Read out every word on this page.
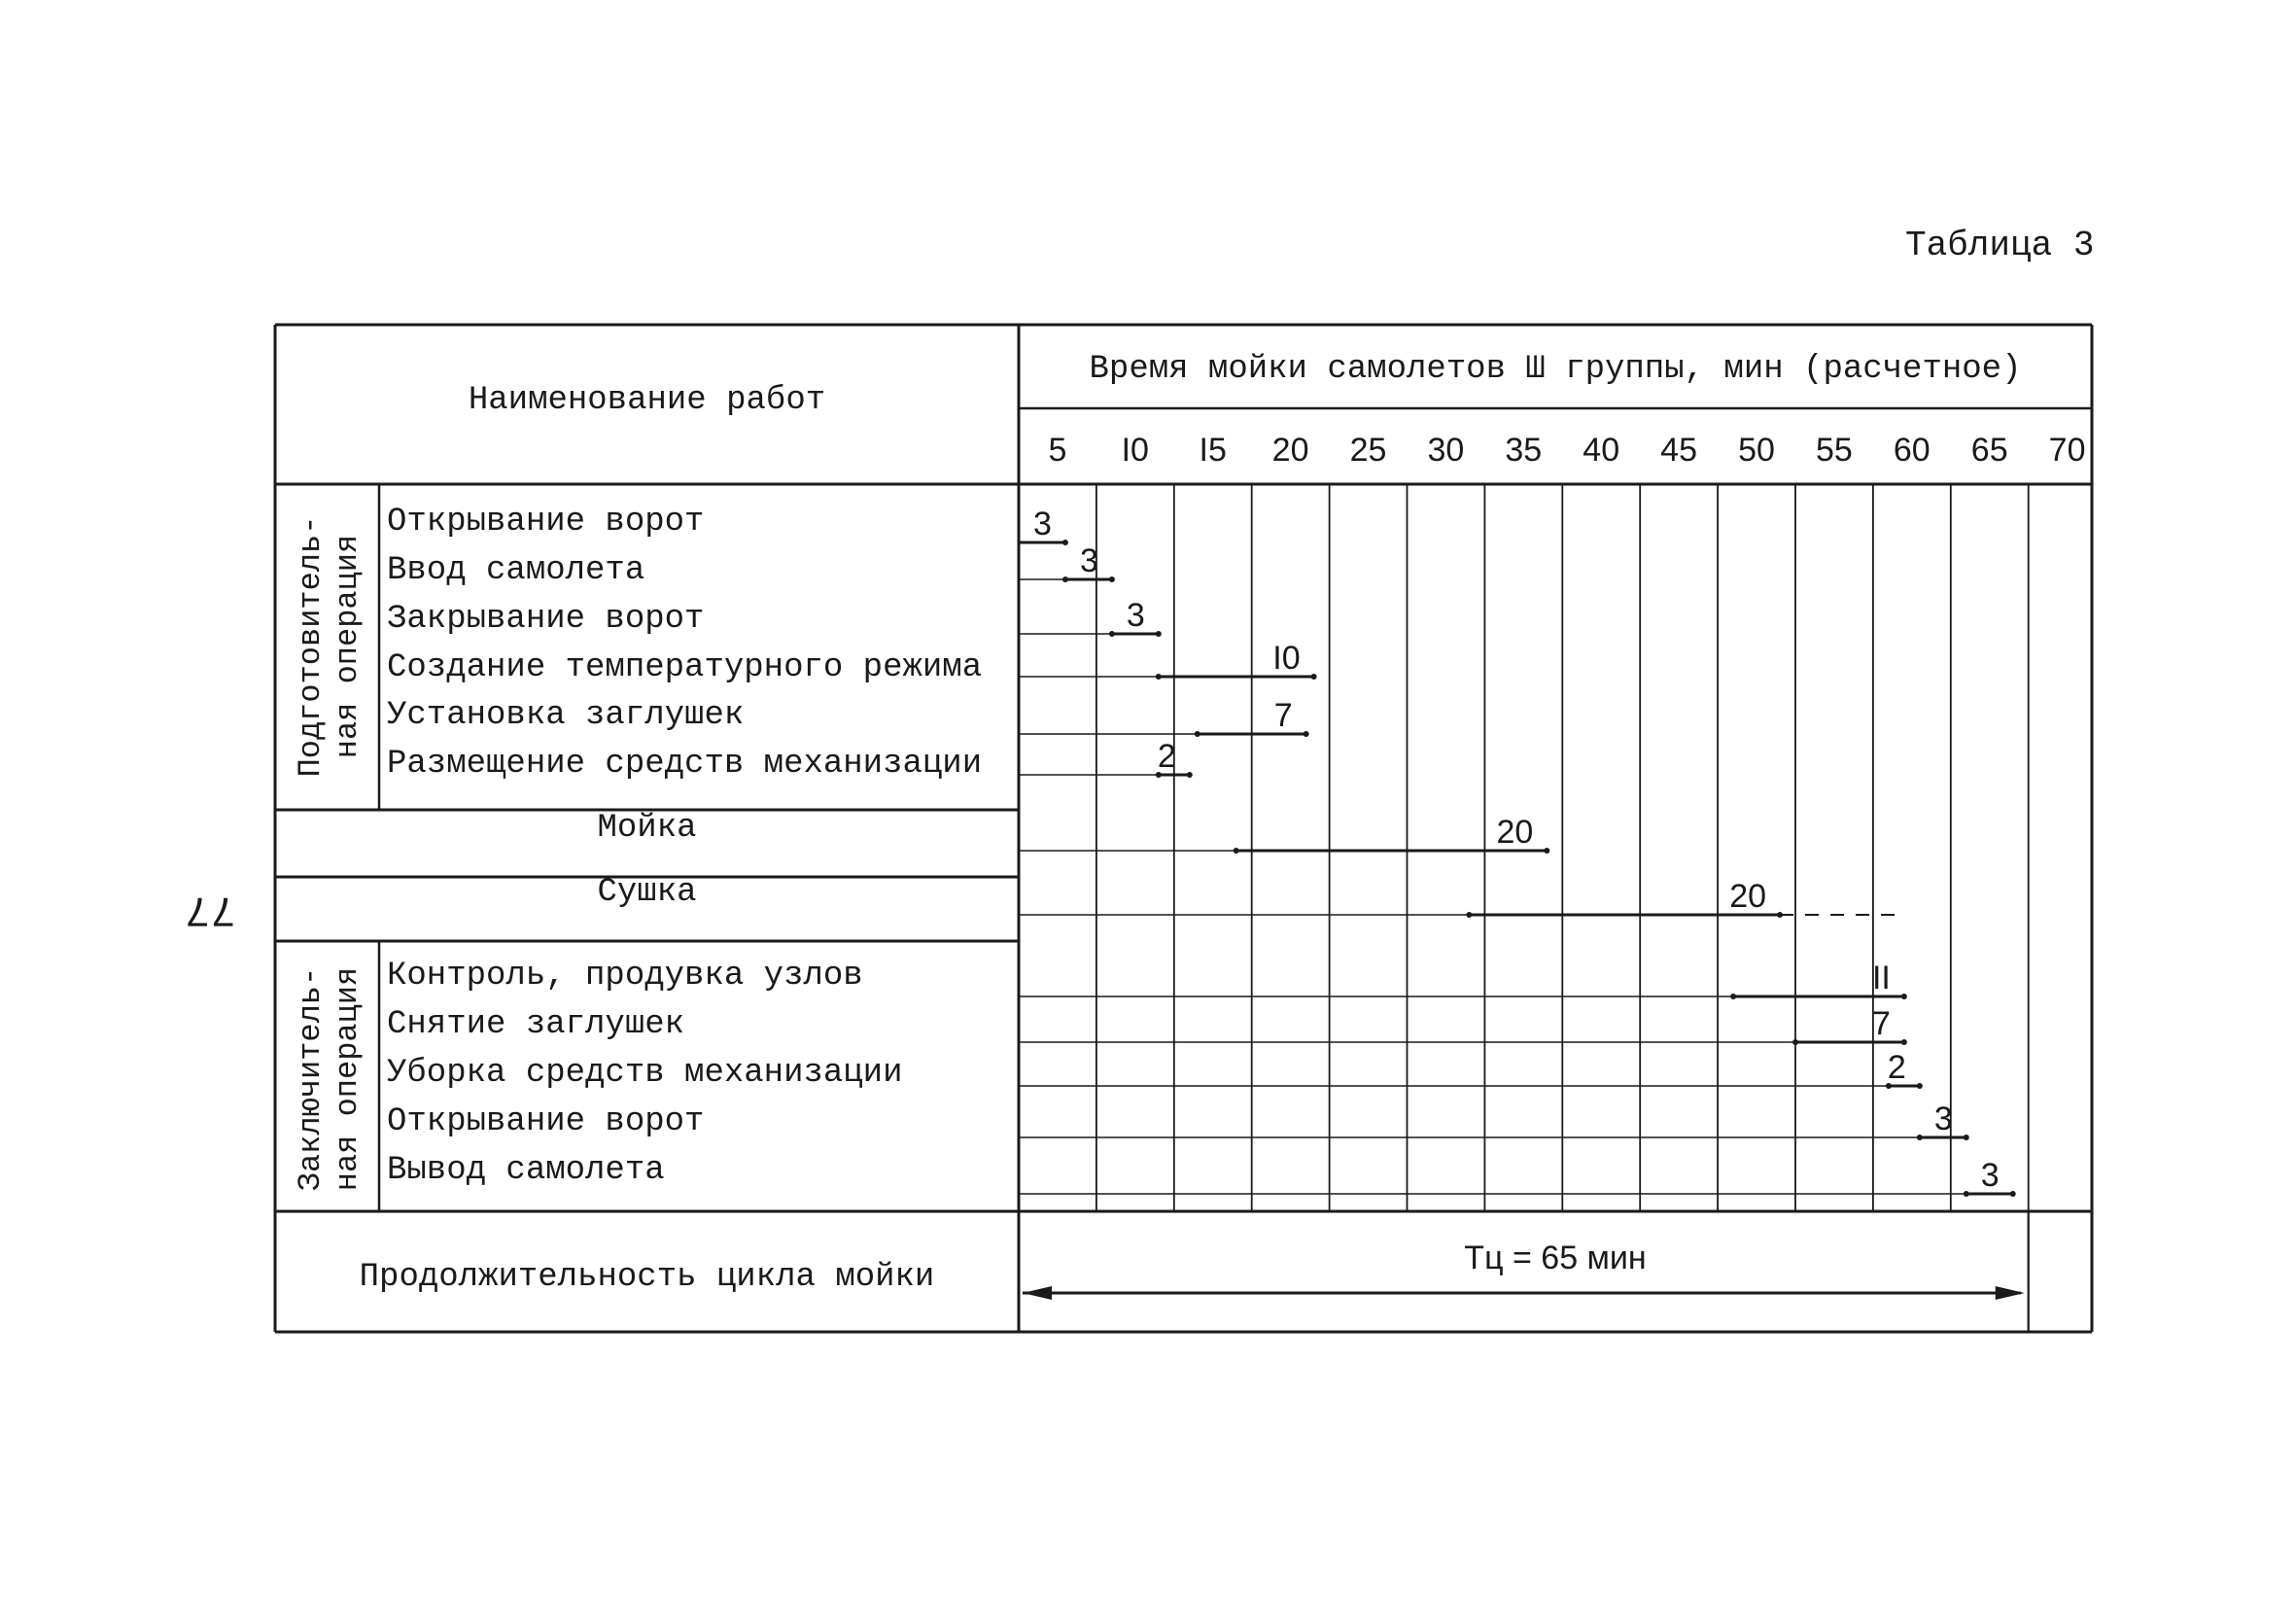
77
Таблица 3
Наименование работ
Время мойки самолетов Ш группы, мин (расчетное)
5 I0 I5 20 25 30 35 40 45 50 55 60 65 70
Подготовитель-ная операция
Заключитель-ная операция
Открывание ворот
Ввод самолета
Закрывание ворот
Создание температурного режима
Установка заглушек
Размещение средств механизации
Мойка
Сушка
Контроль, продувка узлов
Снятие заглушек
Уборка средств механизации
Открывание ворот
Вывод самолета
Продолжительность цикла мойки
Тц = 65 мин
3
3
3
I0
7
2
20
20
II
7
2
3
3
